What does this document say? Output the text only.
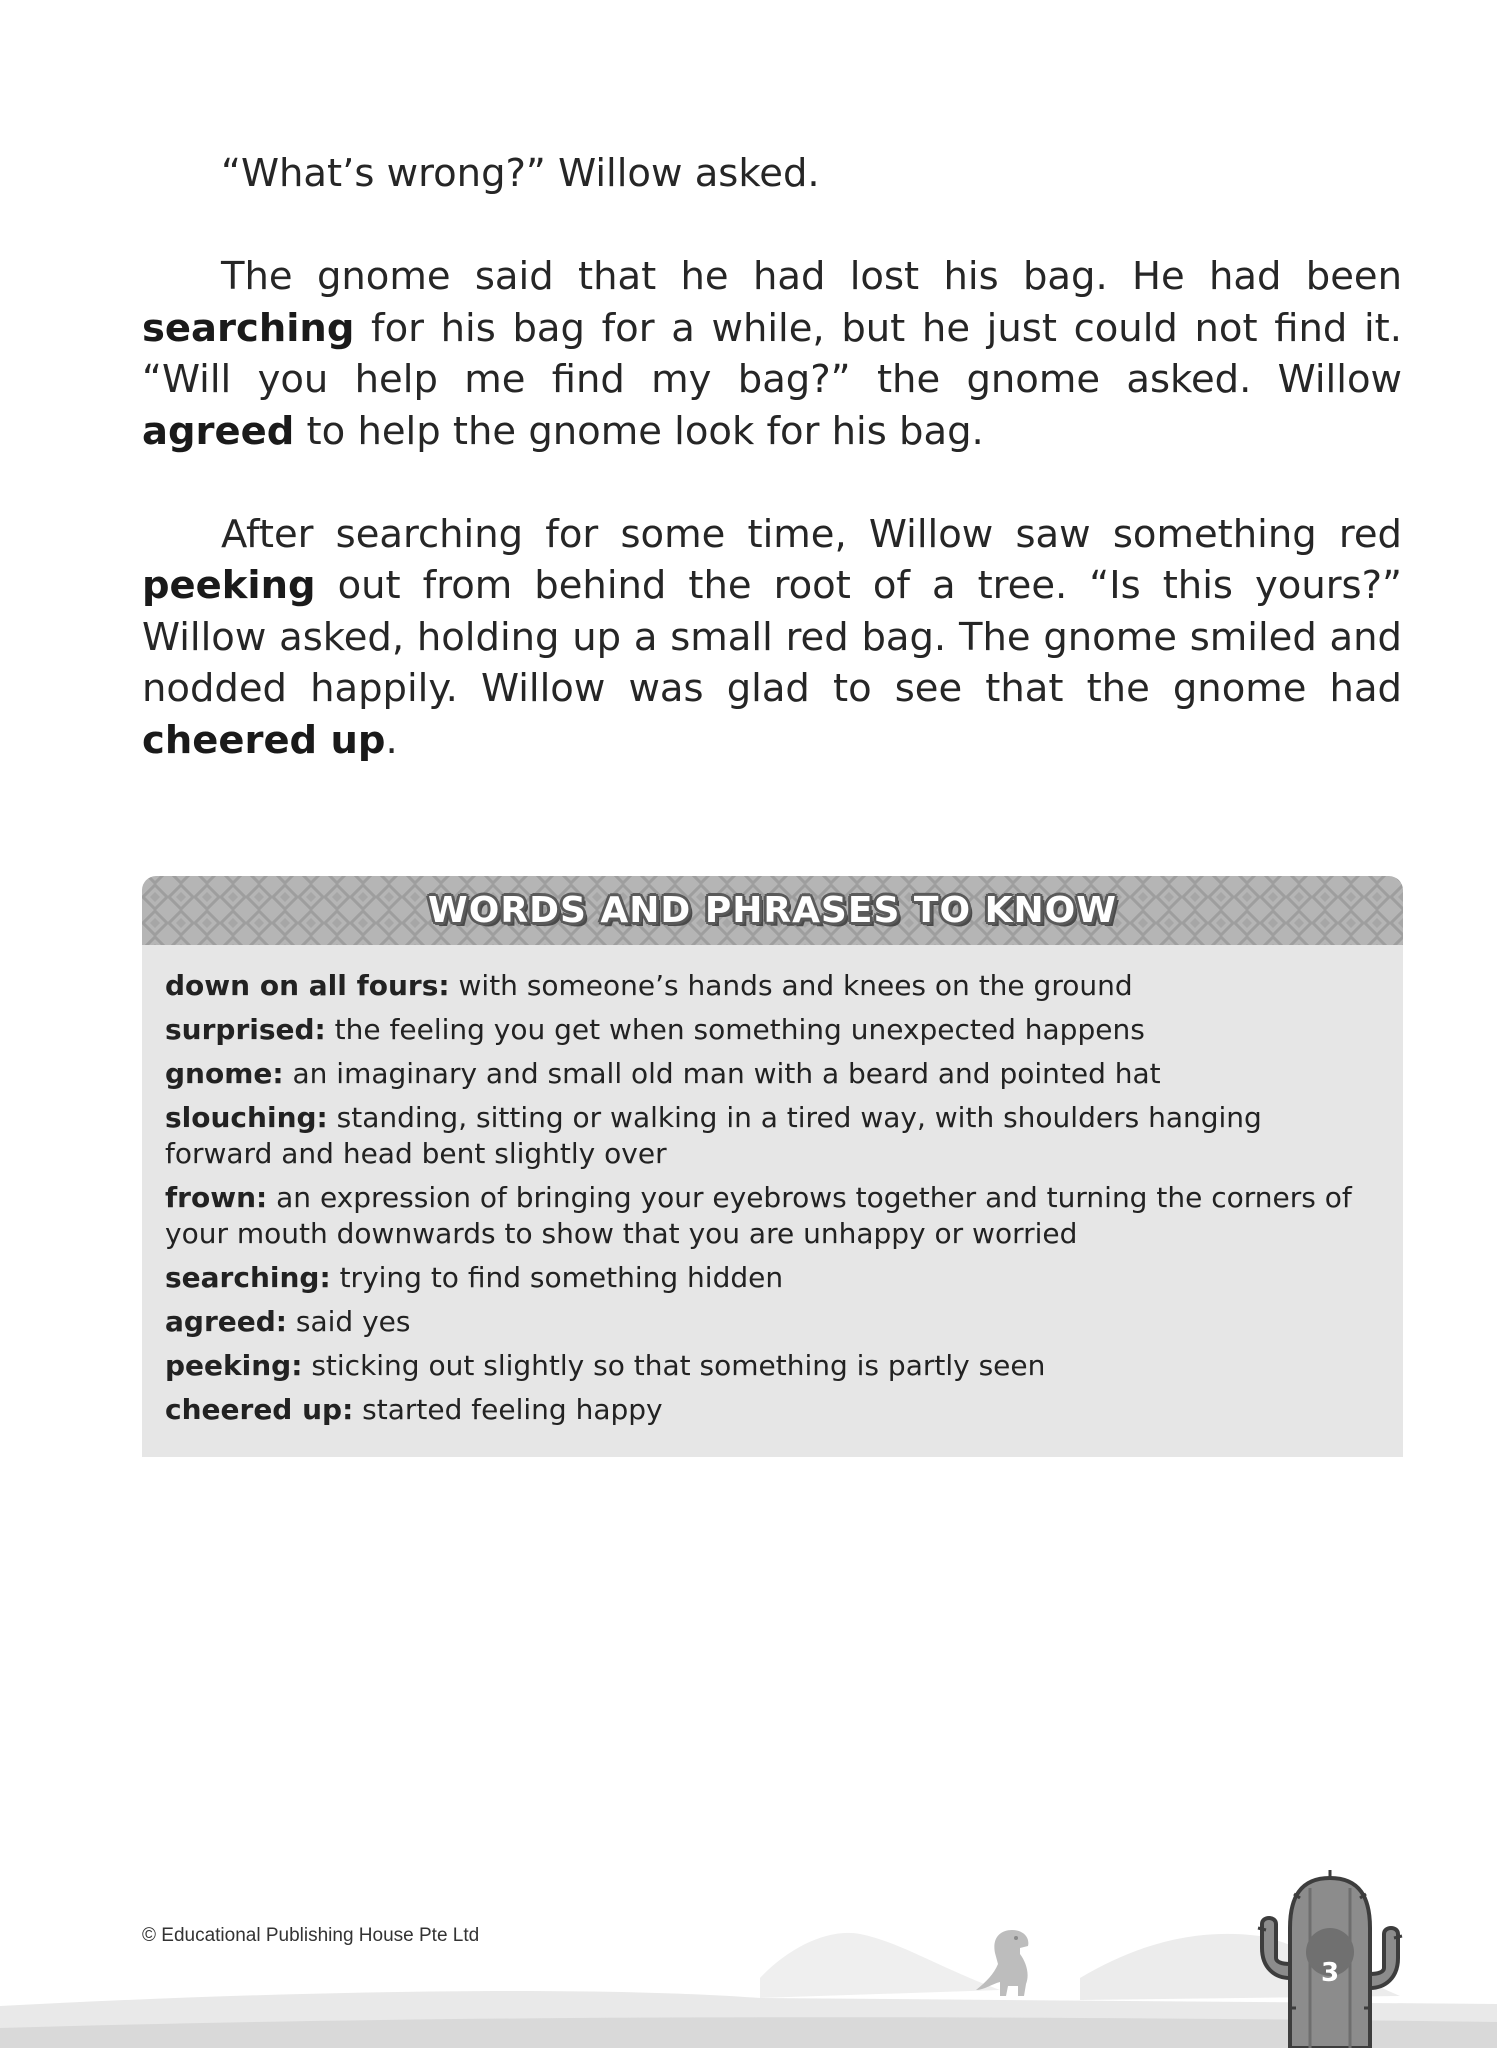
“What’s wrong?” Willow asked.

The gnome said that he had lost his bag. He had been searching for his bag for a while, but he just could not find it. “Will you help me find my bag?” the gnome asked. Willow agreed to help the gnome look for his bag.

After searching for some time, Willow saw something red peeking out from behind the root of a tree. “Is this yours?” Willow asked, holding up a small red bag. The gnome smiled and nodded happily. Willow was glad to see that the gnome had cheered up.

WORDS AND PHRASES TO KNOW
down on all fours: with someone’s hands and knees on the ground
surprised: the feeling you get when something unexpected happens
gnome: an imaginary and small old man with a beard and pointed hat
slouching: standing, sitting or walking in a tired way, with shoulders hanging forward and head bent slightly over
frown: an expression of bringing your eyebrows together and turning the corners of your mouth downwards to show that you are unhappy or worried
searching: trying to find something hidden
agreed: said yes
peeking: sticking out slightly so that something is partly seen
cheered up: started feeling happy
© Educational Publishing House Pte Ltd
3
